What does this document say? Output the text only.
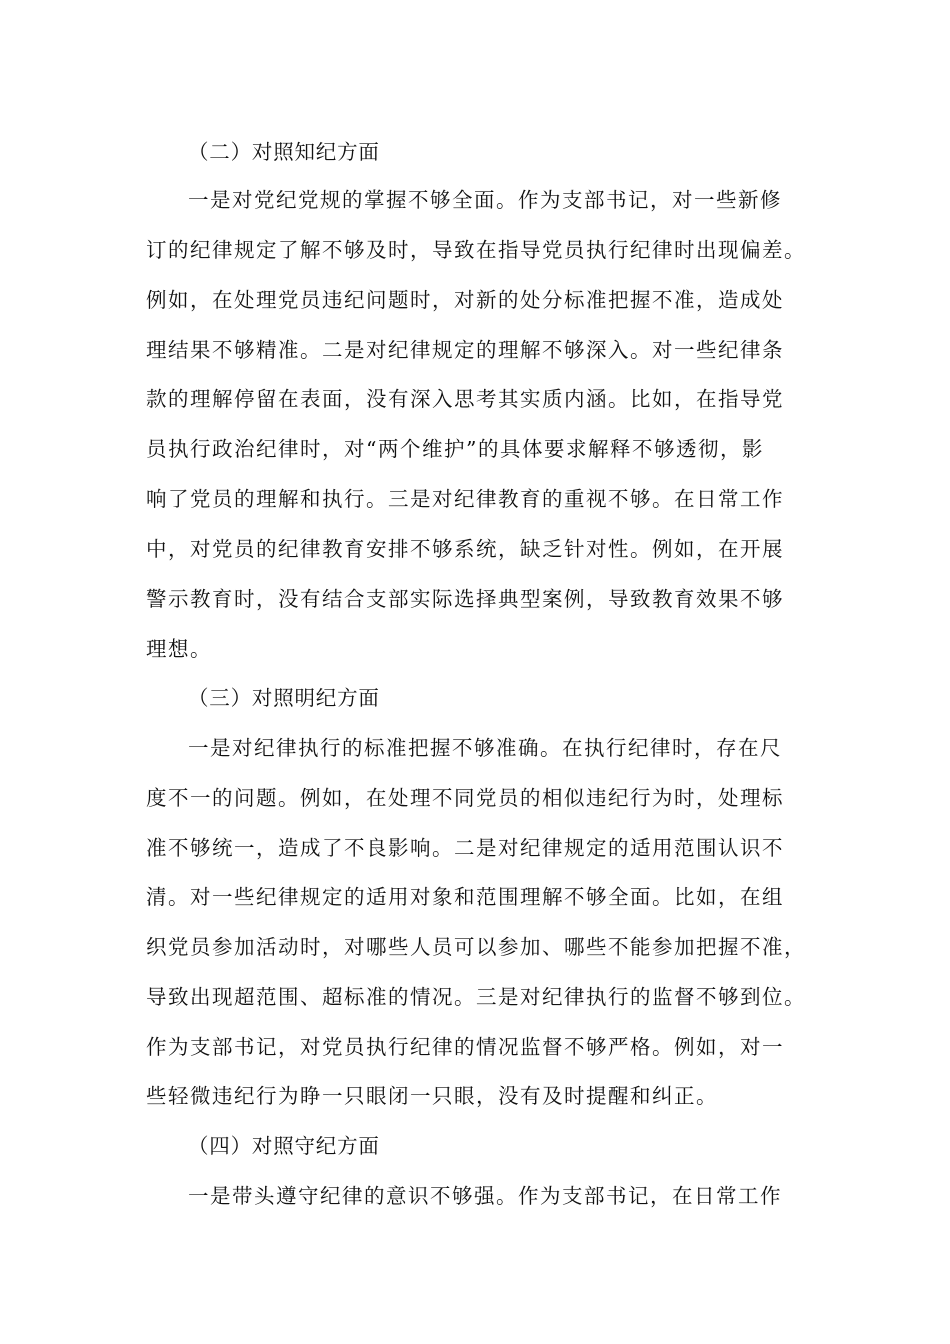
（二）对照知纪方面
一是对党纪党规的掌握不够全面。作为支部书记，对一些新修
订的纪律规定了解不够及时，导致在指导党员执行纪律时出现偏差。
例如，在处理党员违纪问题时，对新的处分标准把握不准，造成处
理结果不够精准。二是对纪律规定的理解不够深入。对一些纪律条
款的理解停留在表面，没有深入思考其实质内涵。比如，在指导党
员执行政治纪律时，对“两个维护”的具体要求解释不够透彻，影
响了党员的理解和执行。三是对纪律教育的重视不够。在日常工作
中，对党员的纪律教育安排不够系统，缺乏针对性。例如，在开展
警示教育时，没有结合支部实际选择典型案例，导致教育效果不够
理想。
（三）对照明纪方面
一是对纪律执行的标准把握不够准确。在执行纪律时，存在尺
度不一的问题。例如，在处理不同党员的相似违纪行为时，处理标
准不够统一，造成了不良影响。二是对纪律规定的适用范围认识不
清。对一些纪律规定的适用对象和范围理解不够全面。比如，在组
织党员参加活动时，对哪些人员可以参加、哪些不能参加把握不准，
导致出现超范围、超标准的情况。三是对纪律执行的监督不够到位。
作为支部书记，对党员执行纪律的情况监督不够严格。例如，对一
些轻微违纪行为睁一只眼闭一只眼，没有及时提醒和纠正。
（四）对照守纪方面
一是带头遵守纪律的意识不够强。作为支部书记，在日常工作
